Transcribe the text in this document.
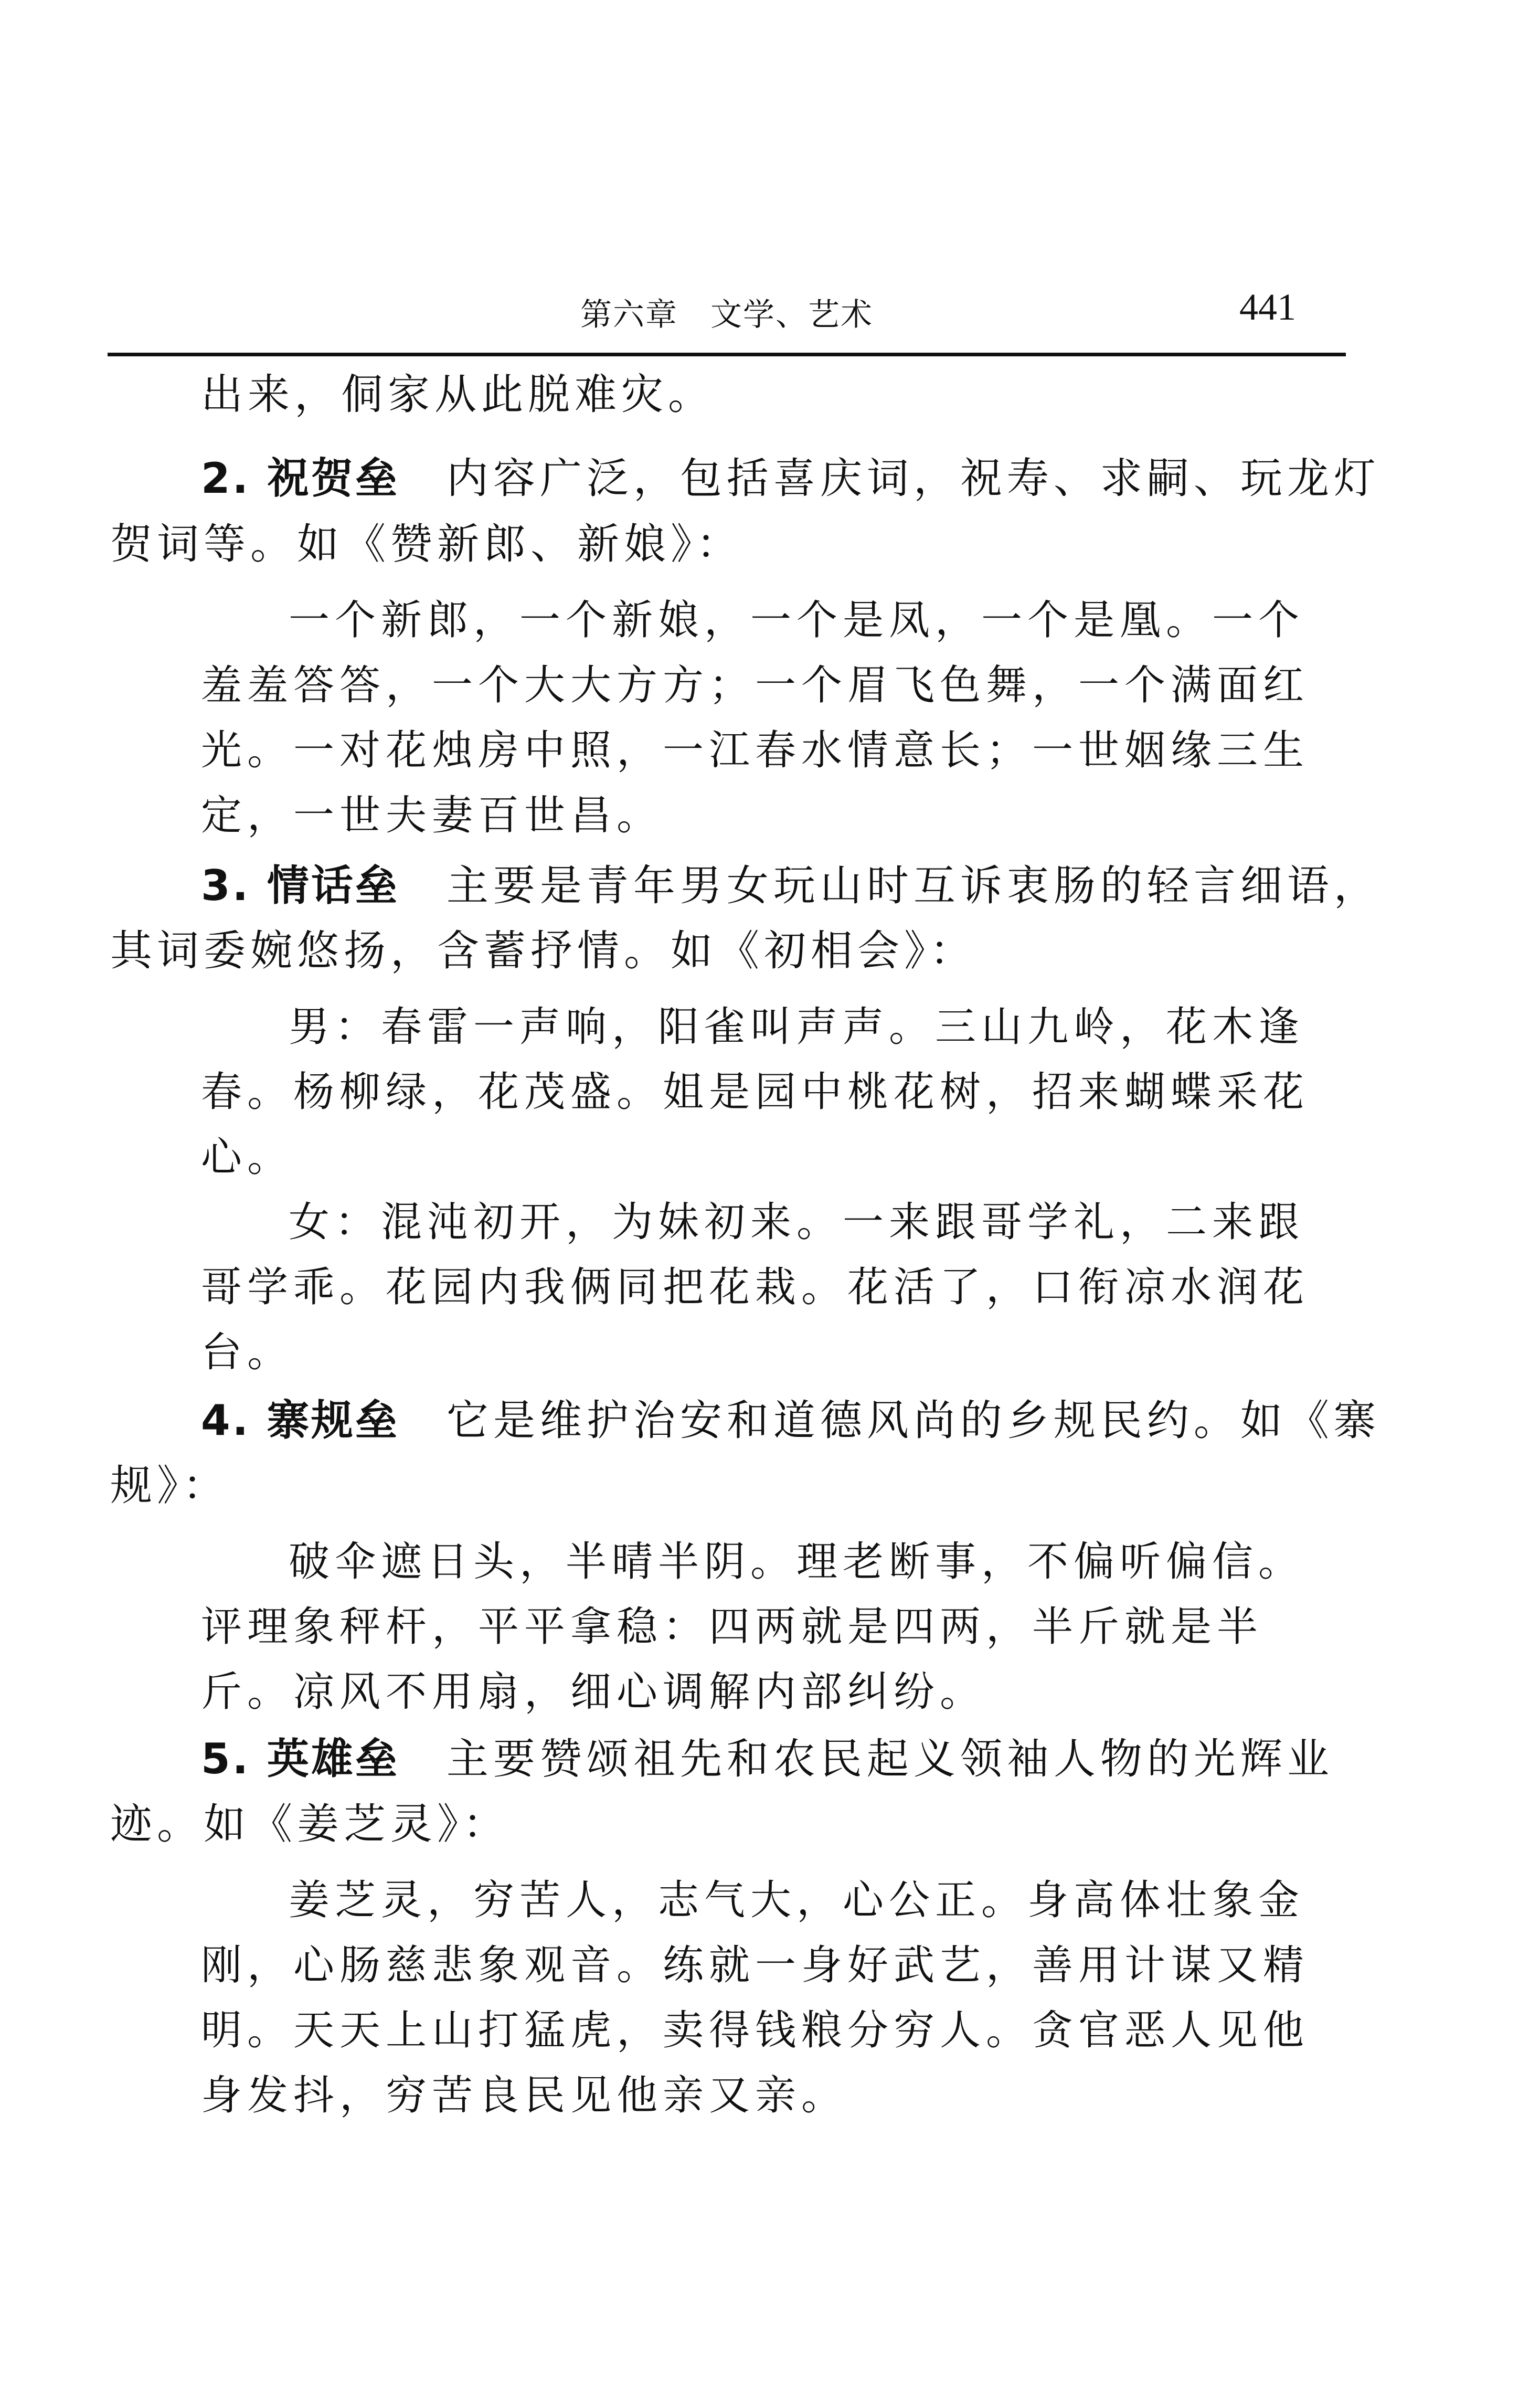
第六章　文学、艺术	441
出来，侗家从此脱难灾。
2. 祝贺垒 内容广泛，包括喜庆词，祝寿、求嗣、玩龙灯
贺词等。如《赞新郎、新娘》：
一个新郎，一个新娘，一个是凤，一个是凰。一个
羞羞答答，一个大大方方；一个眉飞色舞，一个满面红
光。一对花烛房中照，一江春水情意长；一世姻缘三生
定，一世夫妻百世昌。
3. 情话垒 主要是青年男女玩山时互诉衷肠的轻言细语，
其词委婉悠扬，含蓄抒情。如《初相会》：
男：春雷一声响，阳雀叫声声。三山九岭，花木逢
春。杨柳绿，花茂盛。姐是园中桃花树，招来蝴蝶采花
心。
女：混沌初开，为妹初来。一来跟哥学礼，二来跟
哥学乖。花园内我俩同把花栽。花活了，口衔凉水润花
台。
4. 寨规垒 它是维护治安和道德风尚的乡规民约。如《寨
规》：
破伞遮日头，半晴半阴。理老断事，不偏听偏信。
评理象秤杆，平平拿稳：四两就是四两，半斤就是半
斤。凉风不用扇，细心调解内部纠纷。
5. 英雄垒 主要赞颂祖先和农民起义领袖人物的光辉业
迹。如《姜芝灵》：
姜芝灵，穷苦人，志气大，心公正。身高体壮象金
刚，心肠慈悲象观音。练就一身好武艺，善用计谋又精
明。天天上山打猛虎，卖得钱粮分穷人。贪官恶人见他
身发抖，穷苦良民见他亲又亲。
